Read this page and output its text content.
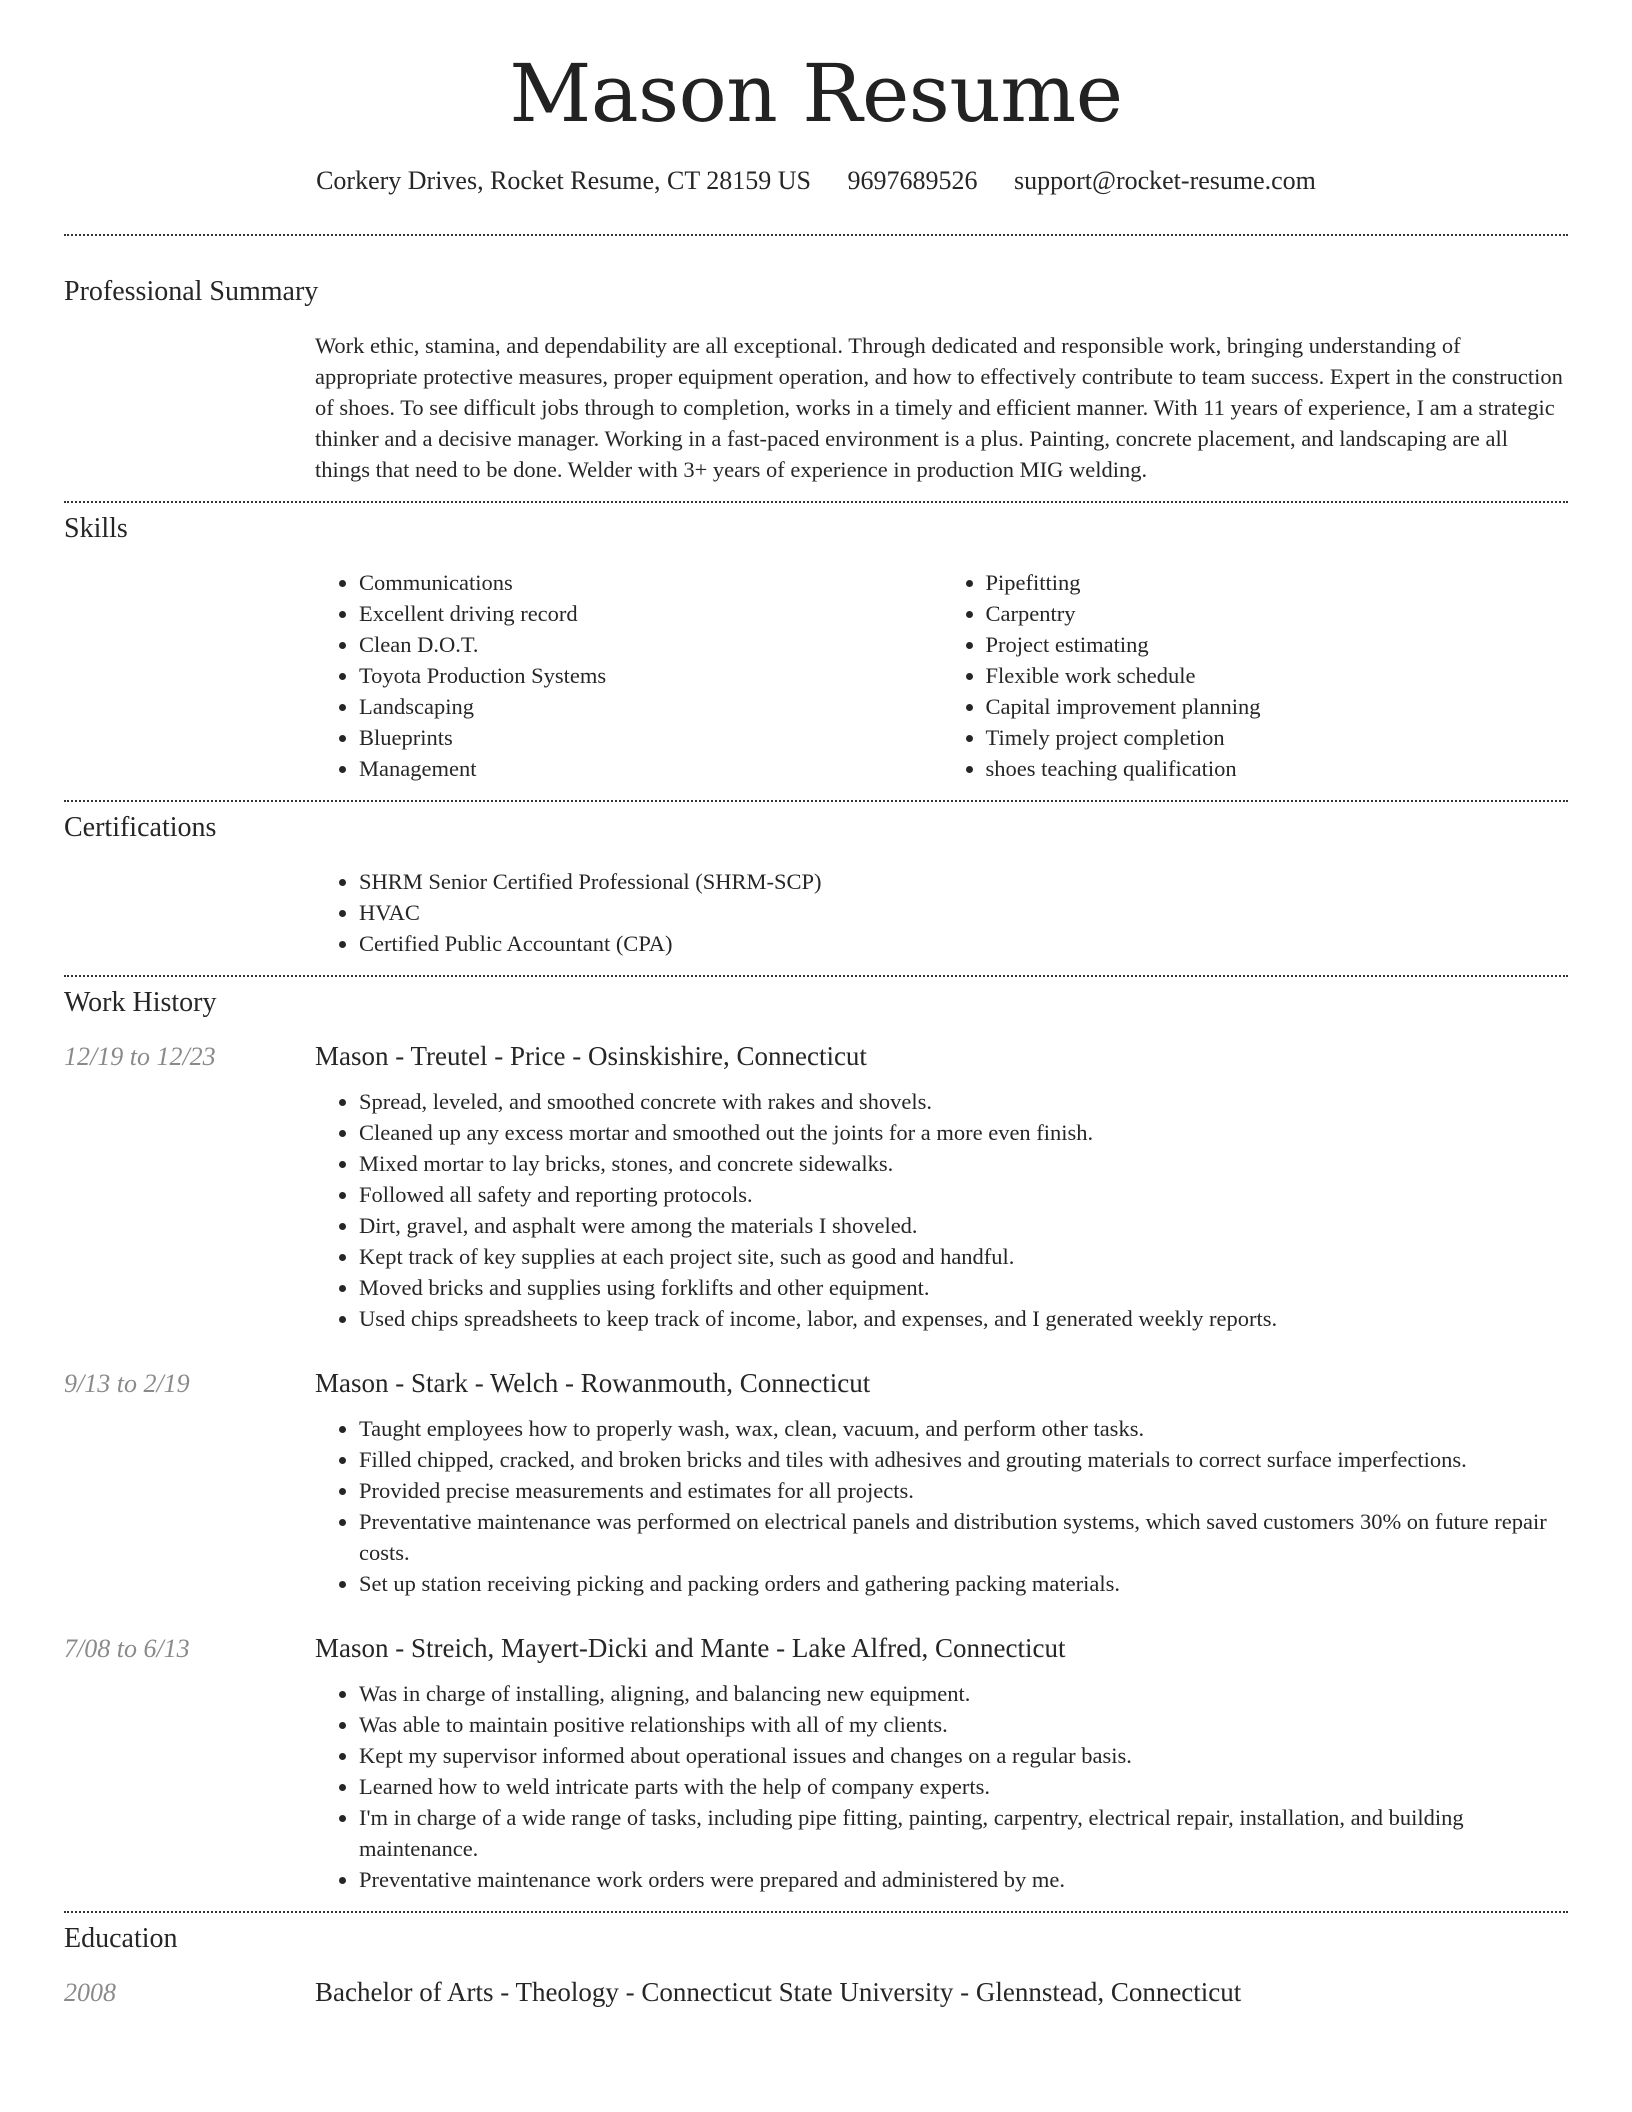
Mason Resume
Corkery Drives, Rocket Resume, CT 28159 US 9697689526 support@rocket-resume.com
Professional Summary
Work ethic, stamina, and dependability are all exceptional. Through dedicated and responsible work, bringing understanding of appropriate protective measures, proper equipment operation, and how to effectively contribute to team success. Expert in the construction of shoes. To see difficult jobs through to completion, works in a timely and efficient manner. With 11 years of experience, I am a strategic thinker and a decisive manager. Working in a fast-paced environment is a plus. Painting, concrete placement, and landscaping are all things that need to be done. Welder with 3+ years of experience in production MIG welding.
Skills
• Communications
• Excellent driving record
• Clean D.O.T.
• Toyota Production Systems
• Landscaping
• Blueprints
• Management
• Pipefitting
• Carpentry
• Project estimating
• Flexible work schedule
• Capital improvement planning
• Timely project completion
• shoes teaching qualification
Certifications
• SHRM Senior Certified Professional (SHRM-SCP)
• HVAC
• Certified Public Accountant (CPA)
Work History
12/19 to 12/23	Mason - Treutel - Price - Osinskishire, Connecticut
• Spread, leveled, and smoothed concrete with rakes and shovels.
• Cleaned up any excess mortar and smoothed out the joints for a more even finish.
• Mixed mortar to lay bricks, stones, and concrete sidewalks.
• Followed all safety and reporting protocols.
• Dirt, gravel, and asphalt were among the materials I shoveled.
• Kept track of key supplies at each project site, such as good and handful.
• Moved bricks and supplies using forklifts and other equipment.
• Used chips spreadsheets to keep track of income, labor, and expenses, and I generated weekly reports.
9/13 to 2/19	Mason - Stark - Welch - Rowanmouth, Connecticut
• Taught employees how to properly wash, wax, clean, vacuum, and perform other tasks.
• Filled chipped, cracked, and broken bricks and tiles with adhesives and grouting materials to correct surface imperfections.
• Provided precise measurements and estimates for all projects.
• Preventative maintenance was performed on electrical panels and distribution systems, which saved customers 30% on future repair costs.
• Set up station receiving picking and packing orders and gathering packing materials.
7/08 to 6/13	Mason - Streich, Mayert-Dicki and Mante - Lake Alfred, Connecticut
• Was in charge of installing, aligning, and balancing new equipment.
• Was able to maintain positive relationships with all of my clients.
• Kept my supervisor informed about operational issues and changes on a regular basis.
• Learned how to weld intricate parts with the help of company experts.
• I'm in charge of a wide range of tasks, including pipe fitting, painting, carpentry, electrical repair, installation, and building maintenance.
• Preventative maintenance work orders were prepared and administered by me.
Education
2008	Bachelor of Arts - Theology - Connecticut State University - Glennstead, Connecticut
